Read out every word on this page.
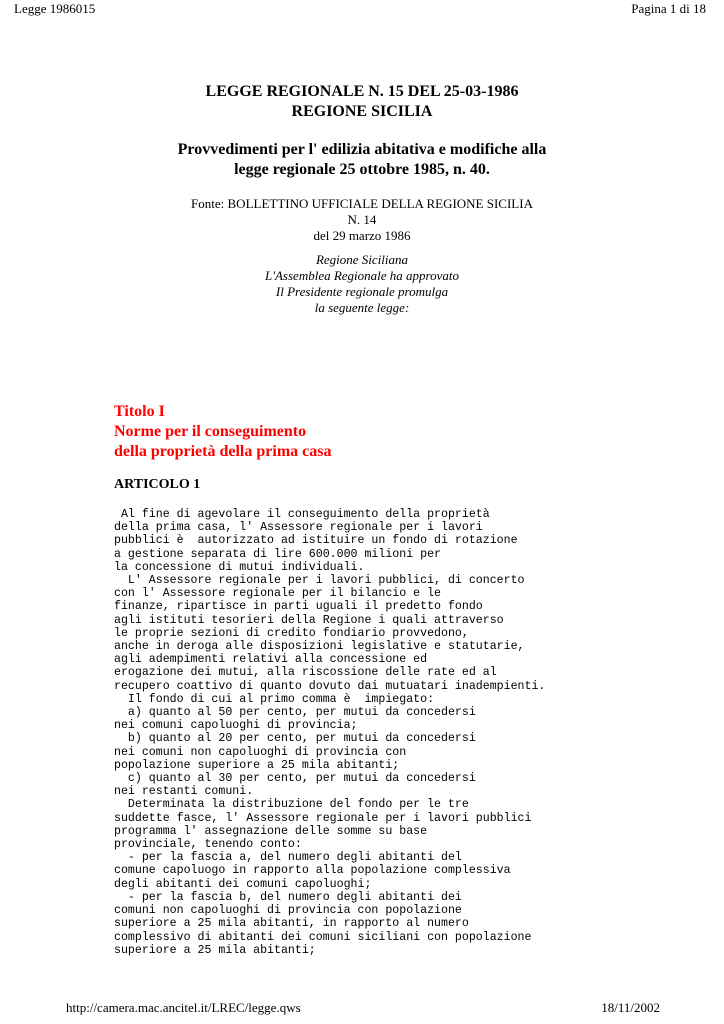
Legge 1986015	Pagina 1 di 18
LEGGE REGIONALE N. 15 DEL 25-03-1986
REGIONE SICILIA
Provvedimenti per l' edilizia abitativa e modifiche alla
legge regionale 25 ottobre 1985, n. 40.
Fonte: BOLLETTINO UFFICIALE DELLA REGIONE SICILIA
N. 14
del 29 marzo 1986
Regione Siciliana
L'Assemblea Regionale ha approvato
Il Presidente regionale promulga
la seguente legge:
Titolo I
Norme per il conseguimento
della proprietà della prima casa
ARTICOLO 1
Al fine di agevolare il conseguimento della proprietà
della prima casa, l' Assessore regionale per i lavori
pubblici è  autorizzato ad istituire un fondo di rotazione
a gestione separata di lire 600.000 milioni per
la concessione di mutui individuali.
L' Assessore regionale per i lavori pubblici, di concerto
con l' Assessore regionale per il bilancio e le
finanze, ripartisce in parti uguali il predetto fondo
agli istituti tesorieri della Regione i quali attraverso
le proprie sezioni di credito fondiario provvedono,
anche in deroga alle disposizioni legislative e statutarie,
agli adempimenti relativi alla concessione ed
erogazione dei mutui, alla riscossione delle rate ed al
recupero coattivo di quanto dovuto dai mutuatari inadempienti.
Il fondo di cui al primo comma è  impiegato:
a) quanto al 50 per cento, per mutui da concedersi
nei comuni capoluoghi di provincia;
b) quanto al 20 per cento, per mutui da concedersi
nei comuni non capoluoghi di provincia con
popolazione superiore a 25 mila abitanti;
c) quanto al 30 per cento, per mutui da concedersi
nei restanti comuni.
Determinata la distribuzione del fondo per le tre
suddette fasce, l' Assessore regionale per i lavori pubblici
programma l' assegnazione delle somme su base
provinciale, tenendo conto:
- per la fascia a, del numero degli abitanti del
comune capoluogo in rapporto alla popolazione complessiva
degli abitanti dei comuni capoluoghi;
- per la fascia b, del numero degli abitanti dei
comuni non capoluoghi di provincia con popolazione
superiore a 25 mila abitanti, in rapporto al numero
complessivo di abitanti dei comuni siciliani con popolazione
superiore a 25 mila abitanti;
http://camera.mac.ancitel.it/LREC/legge.qws	18/11/2002
